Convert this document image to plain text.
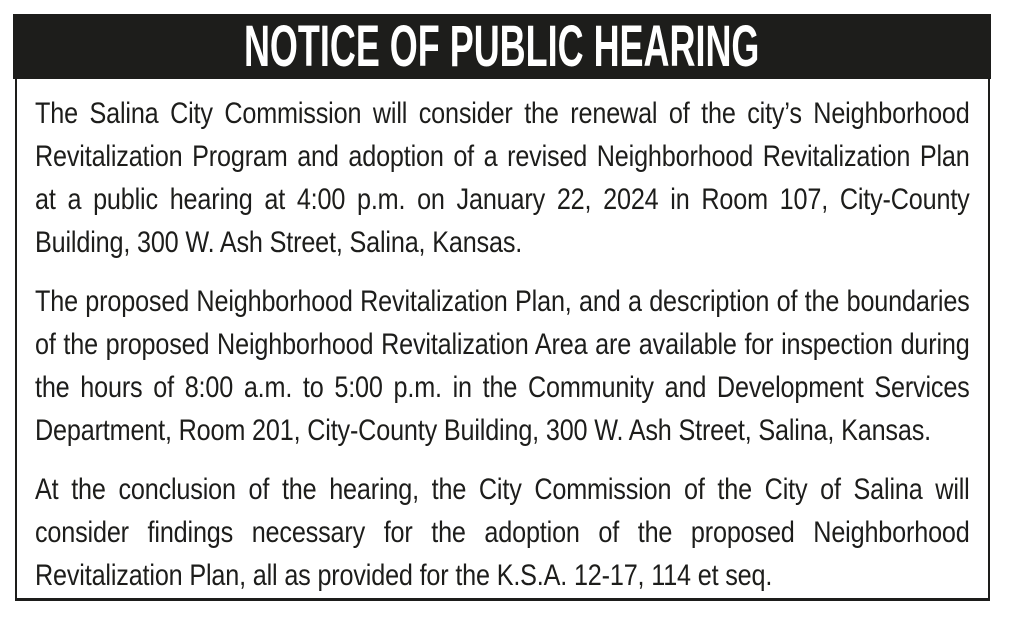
NOTICE OF PUBLIC HEARING

The Salina City Commission will consider the renewal of the city’s Neighborhood Revitalization Program and adoption of a revised Neighborhood Revitalization Plan at a public hearing at 4:00 p.m. on January 22, 2024 in Room 107, City-County Building, 300 W. Ash Street, Salina, Kansas.

The proposed Neighborhood Revitalization Plan, and a description of the boundaries of the proposed Neighborhood Revitalization Area are available for inspection during the hours of 8:00 a.m. to 5:00 p.m. in the Community and Development Services Department, Room 201, City-County Building, 300 W. Ash Street, Salina, Kansas.

At the conclusion of the hearing, the City Commission of the City of Salina will consider findings necessary for the adoption of the proposed Neighborhood Revitalization Plan, all as provided for the K.S.A. 12-17, 114 et seq.
